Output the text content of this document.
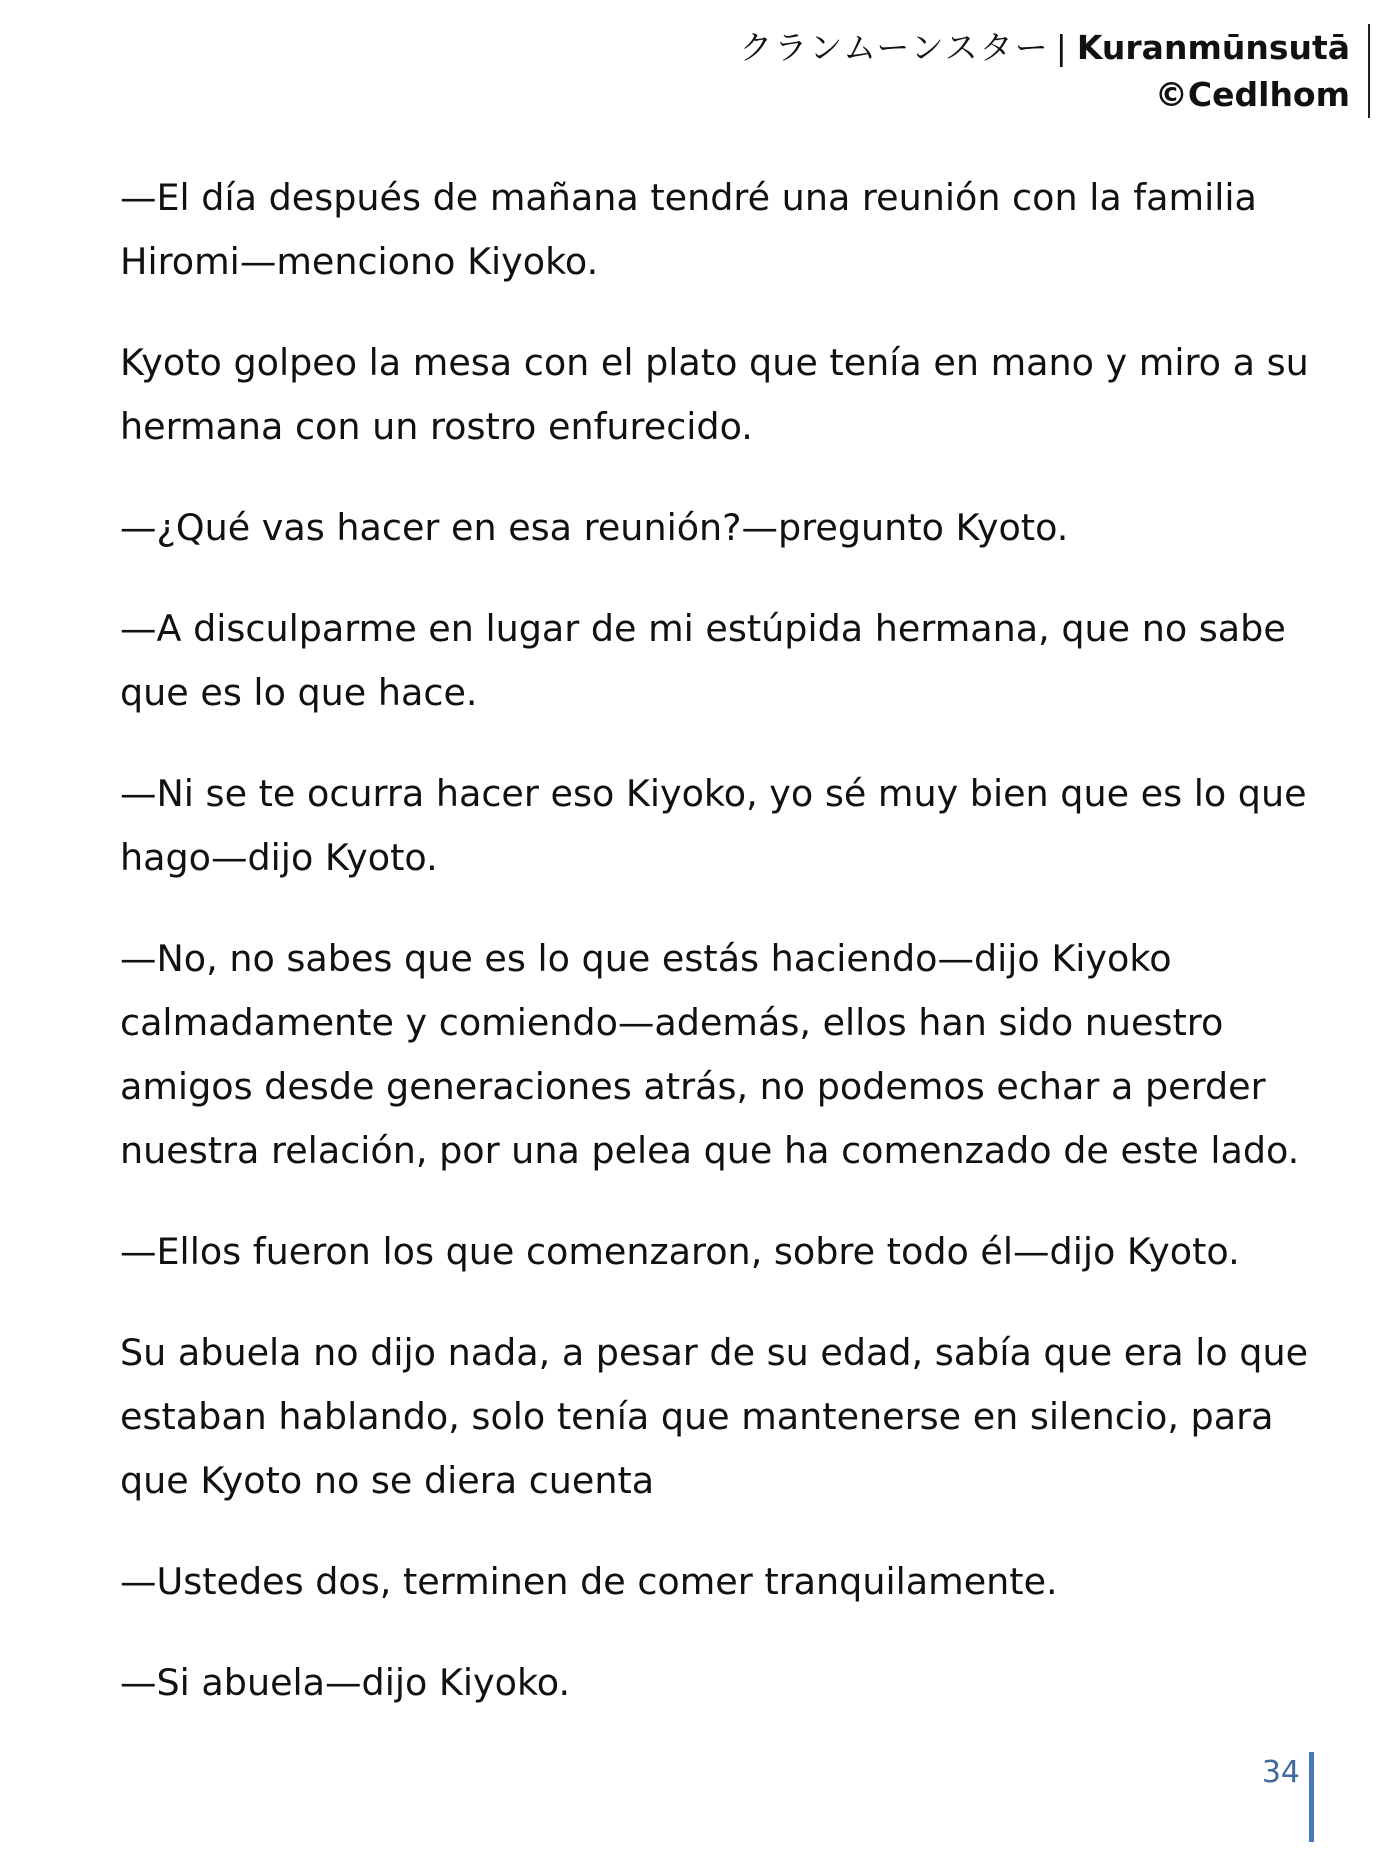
クランムーンスター | Kuranmūnsutā
©Cedlhom

—El día después de mañana tendré una reunión con la familia Hiromi—menciono Kiyoko.

Kyoto golpeo la mesa con el plato que tenía en mano y miro a su hermana con un rostro enfurecido.

—¿Qué vas hacer en esa reunión?—pregunto Kyoto.

—A disculparme en lugar de mi estúpida hermana, que no sabe que es lo que hace.

—Ni se te ocurra hacer eso Kiyoko, yo sé muy bien que es lo que hago—dijo Kyoto.

—No, no sabes que es lo que estás haciendo—dijo Kiyoko calmadamente y comiendo—además, ellos han sido nuestro amigos desde generaciones atrás, no podemos echar a perder nuestra relación, por una pelea que ha comenzado de este lado.

—Ellos fueron los que comenzaron, sobre todo él—dijo Kyoto.

Su abuela no dijo nada, a pesar de su edad, sabía que era lo que estaban hablando, solo tenía que mantenerse en silencio, para que Kyoto no se diera cuenta

—Ustedes dos, terminen de comer tranquilamente.

—Si abuela—dijo Kiyoko.

34
